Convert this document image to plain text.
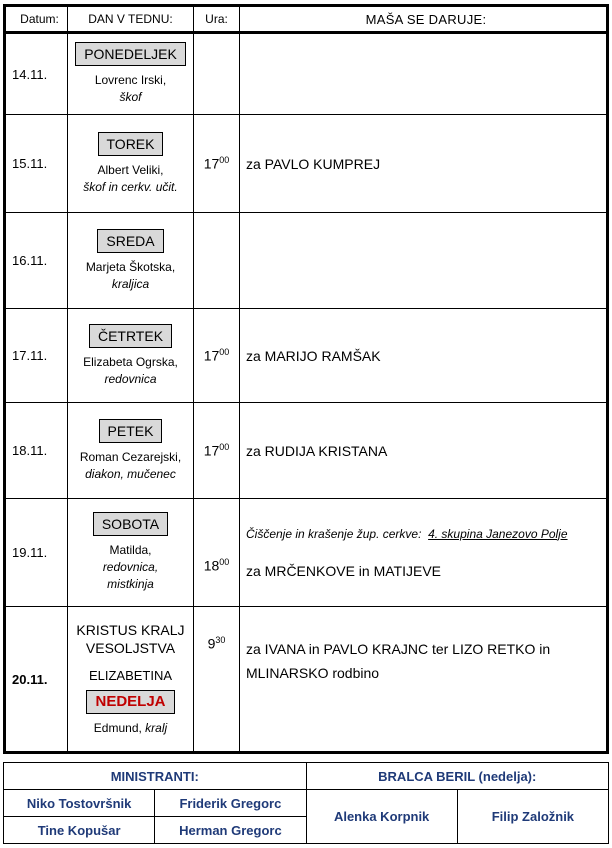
Datum:	DAN V TEDNU:	Ura:	MAŠA SE DARUJE:
14.11.	PONEDELJEK
Lovrenc Irski,
škof		

15.11.	TOREK
Albert Veliki,
škof in cerkv. učit.	$17^{00}$	za PAVLO KUMPREJ
16.11.	SREDA
Marjeta Škotska,
kraljica		

17.11.	ČETRTEK
Elizabeta Ogrska,
redovnica	$17^{00}$	za MARIJO RAMŠAK
18.11.	PETEK
Roman Cezarejski,
diakon, mučenec	$17^{00}$	za RUDIJA KRISTANA
19.11.	SOBOTA
Matilda,
redovnica,
mistkinja	$18^{00}$	Čiščenje in krašenje žup. cerkve: 4. skupina Janezovo Polje
za MRČENKOVE in MATIJEVE
20.11.	KRISTUS KRALJ
VESOLJSTVA
ELIZABETINA
NEDELJA Edmund, kralj	$9^{30}$	za IVANA in PAVLO KRAJNC ter LIZO RETKO in MLINARSKO rodbino
MINISTRANTI:		BRALCA BERIL (nedelja):	
Niko Tostovršnik	Friderik Gregorc	Alenka Korpnik	Filip Založnik
Tine Kopušar	Herman Gregorc		
